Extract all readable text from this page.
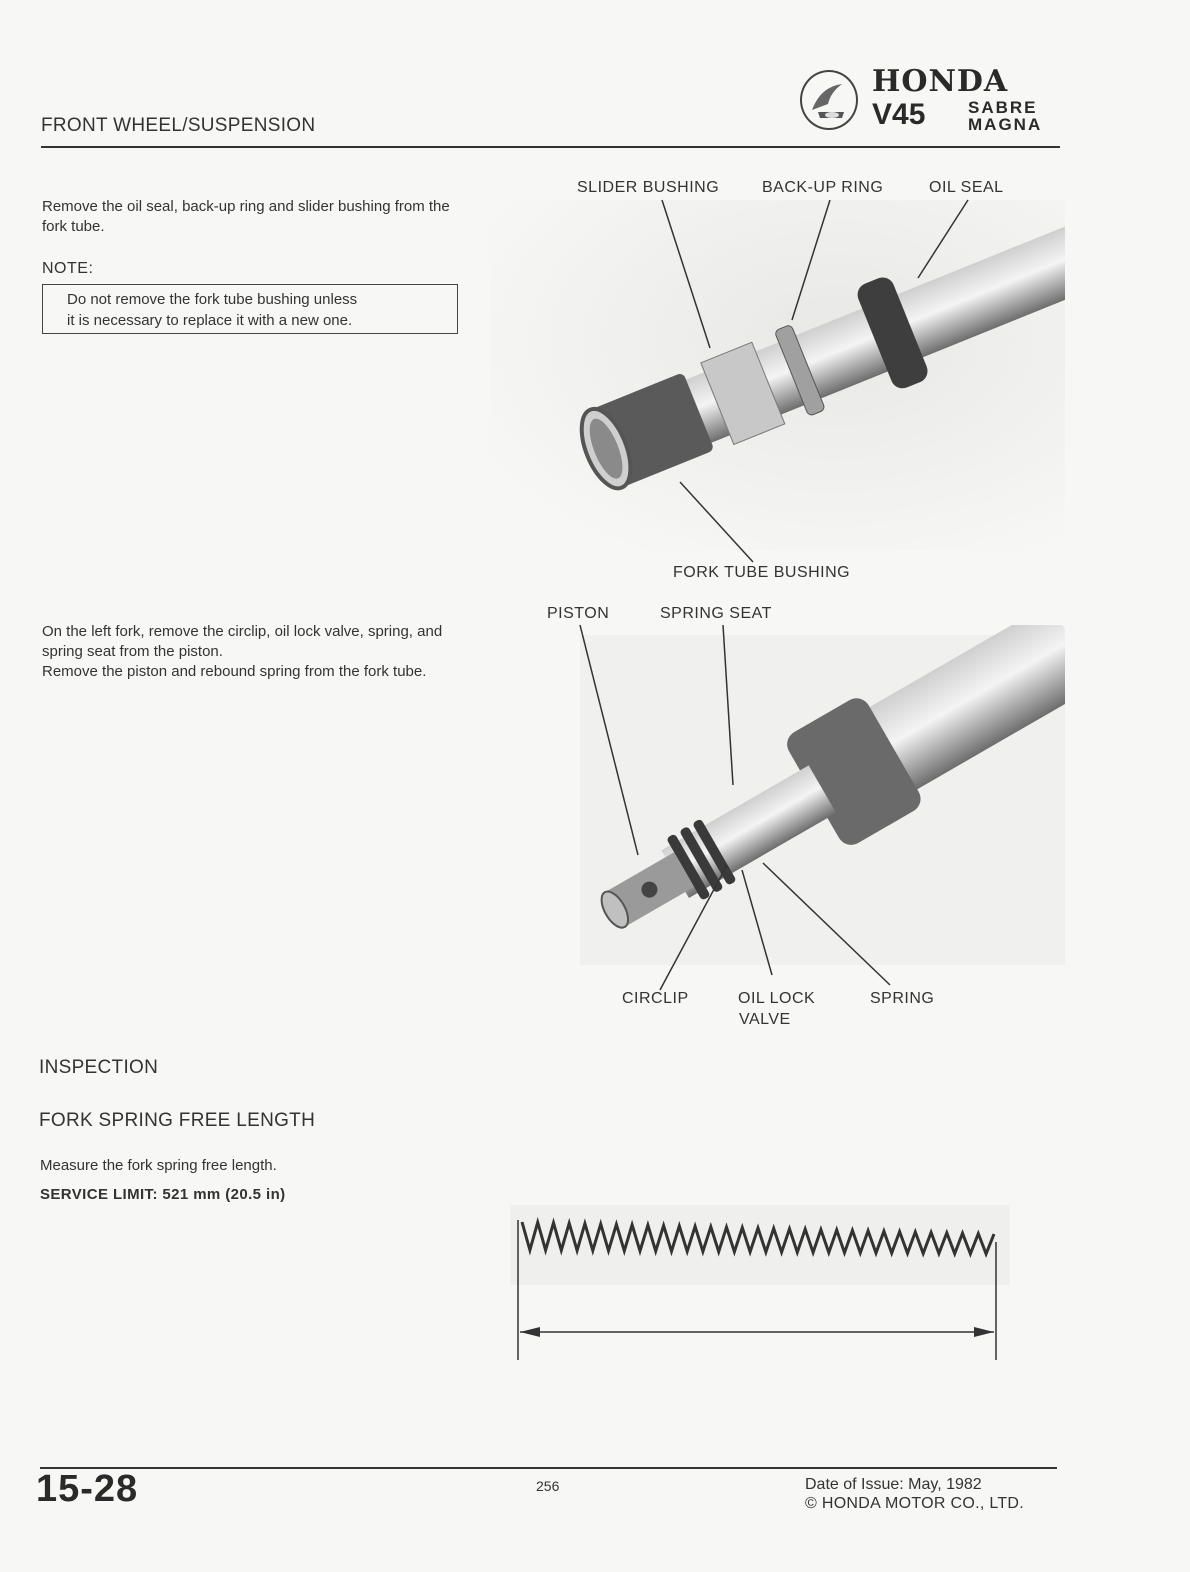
FRONT WHEEL/SUSPENSION
HONDA
V45	SABRE
MAGNA
Remove the oil seal, back-up ring and slider bushing from the fork tube.
NOTE:
Do not remove the fork tube bushing unless
it is necessary to replace it with a new one.
SLIDER BUSHING	BACK-UP RING	OIL SEAL
FORK TUBE BUSHING
On the left fork, remove the circlip, oil lock valve, spring, and spring seat from the piston.
Remove the piston and rebound spring from the fork tube.
PISTON	SPRING SEAT
CIRCLIP	OIL LOCK
VALVE
SPRING
INSPECTION
FORK SPRING FREE LENGTH
Measure the fork spring free length.
SERVICE LIMIT: 521 mm (20.5 in)
15-28	256	Date of Issue: May, 1982
© HONDA MOTOR CO., LTD.
